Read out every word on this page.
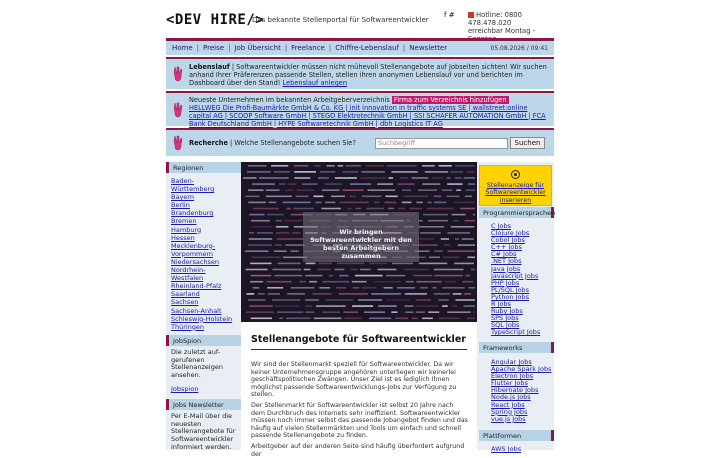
<DEV HIRE/>
Das bekannte Stellenportal für Softwareentwickler
f #	Hotline: 0800 478.478.020
erreichbar Montag -
Home | Preise | Job Übersicht | Freelance | Chiffre-Lebenslauf | Newsletter	05.08.2026 / 09:41
Lebenslauf | Softwareentwickler müssen nicht mühevoll Stellenangebote auf Jobseiten sichten! Wir suchen anhand Ihrer Präferenzen passende Stellen, stellen ihren anonymen Lebenslauf vor und berichten im Dashboard über den Stand! Lebenslauf anlegen
Neueste Unternehmen im bekannten Arbeitgeberverzeichnis Firma zum Verzeichnis hinzufügen
HELLWEG Die Profi-Baumärkte GmbH & Co. KG | init innovation in traffic systems SE | wallstreet:online capital AG | SCOOP Software GmbH | STEGO Elektrotechnik GmbH | SSI SCHÄFER AUTOMATION GmbH | FCA Bank Deutschland GmbH | HYPE Softwaretechnik GmbH | dbh Logistics IT AG
Recherche | Welche Stellenangebote suchen Sie?	Suchbegriff	Suchen
Regionen
Baden-Württemberg
Bayern
Berlin
Brandenburg
Bremen
Hamburg
Hessen
Mecklenburg-Vorpommern
Niedersachsen
Nordrhein-Westfalen
Rheinland-Pfalz
Saarland
Sachsen
Sachsen-Anhalt
Schleswig-Holstein
Thüringen
JobSpion
Die zuletzt auf-gerufenen Stellenanzeigen ansehen.
Jobspion
Jobs Newsletter
Per E-Mail über die neuesten Stellenangebote für Softwareentwickler informiert werden.
Wir bringen Softwareentwickler mit den besten Arbeitgebern zusammen
Stellenangebote für Softwareentwickler
Wir sind der Stellenmarkt speziell für Softwareentwickler. Da wir keiner Unternehmensgruppe angehören unterliegen wir keinerlei geschäftspolitischen Zwängen. Unser Ziel ist es lediglich Ihnen möglichst passende Softwareentwicklungs-Jobs zur Verfügung zu stellen.
Der Stellenmarkt für Softwareentwickler ist selbst 20 Jahre nach dem Durchbruch des Internets sehr ineffizient. Softwareentwickler müssen noch immer selbst das passende Jobangebot finden und das häufig auf vielen Stellenmärkten und Tools um einfach und schnell passende Stellenangebote zu finden.
Arbeitgeber auf der anderen Seite sind häufig überfordert aufgrund der
Stellenanzeige für Softwareentwickler inserieren
Programmiersprachen
C Jobs
Clojure Jobs
Cobol Jobs
C++ Jobs
C# Jobs
.NET Jobs
Java Jobs
Javascript Jobs
PHP Jobs
PL/SQL Jobs
Python Jobs
R Jobs
Ruby Jobs
SPS Jobs
SQL Jobs
TypeScript Jobs
Frameworks
Angular Jobs
Apache Spark Jobs
Electron Jobs
Flutter Jobs
Hibernate Jobs
Node.js Jobs
React Jobs
Spring Jobs
vue.js Jobs
Plattformen
AWS Jobs
